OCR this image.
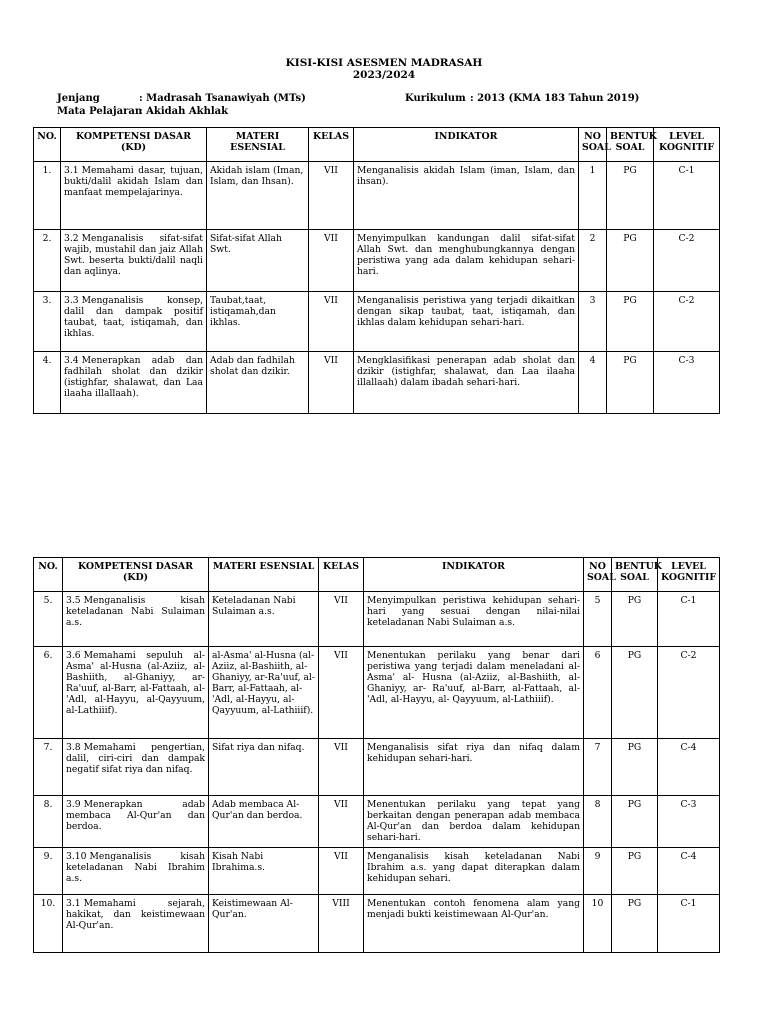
KISI-KISI ASESMEN MADRASAH
2023/2024
Jenjang	: Madrasah Tsanawiyah (MTs)
Mata Pelajaran
: Akidah Akhlak
Kurikulum : 2013 (KMA 183 Tahun 2019)
NO.	KOMPETENSI DASAR (KD)	MATERI ESENSIAL	KELAS	INDIKATOR	NO SOAL	BENTUK SOAL	LEVEL KOGNITIF
1.	3.1 Memahami dasar, tujuan, bukti/dalil akidah Islam dan manfaat mempelajarinya.	Akidah islam (Iman, Islam, dan Ihsan).	VII	Menganalisis akidah Islam (iman, Islam, dan ihsan).	1	PG	C-1
2.	3.2 Menganalisis sifat-sifat wajib, mustahil dan jaiz Allah Swt. beserta bukti/dalil naqli dan aqlinya.	Sifat-sifat Allah Swt.	VII	Menyimpulkan kandungan dalil sifat-sifat Allah Swt. dan menghubungkannya dengan peristiwa yang ada dalam kehidupan sehari-hari.	2	PG	C-2
3.	3.3 Menganalisis konsep, dalil dan dampak positif taubat, taat, istiqamah, dan ikhlas.	Taubat,taat, istiqamah,dan ikhlas.	VII	Menganalisis peristiwa yang terjadi dikaitkan dengan sikap taubat, taat, istiqamah, dan ikhlas dalam kehidupan sehari-hari.	3	PG	C-2
4.	3.4 Menerapkan adab dan fadhilah sholat dan dzikir (istighfar, shalawat, dan Laa ilaaha illallaah).	Adab dan fadhilah sholat dan dzikir.	VII	Mengklasifikasi penerapan adab sholat dan dzikir (istighfar, shalawat, dan Laa ilaaha illallaah) dalam ibadah sehari-hari.	4	PG	C-3
NO.	KOMPETENSI DASAR (KD)	MATERI ESENSIAL	KELAS	INDIKATOR	NO SOAL	BENTUK SOAL	LEVEL KOGNITIF
5.	3.5 Menganalisis kisah keteladanan Nabi Sulaiman a.s.	Keteladanan Nabi Sulaiman a.s.	VII	Menyimpulkan peristiwa kehidupan sehari-hari yang sesuai dengan nilai-nilai keteladanan Nabi Sulaiman a.s.	5	PG	C-1
6.	3.6 Memahami sepuluh al-Asma' al-Husna (al-Aziiz, al-Bashiith, al-Ghaniyy, ar-Ra'uuf, al-Barr, al-Fattaah, al-'Adl, al-Hayyu, al-Qayyuum, al-Lathiiif).	al-Asma' al-Husna (al-Aziiz, al-Bashiith, al-Ghaniyy, ar-Ra'uuf, al-Barr, al-Fattaah, al-'Adl, al-Hayyu, al-Qayyuum, al-Lathiiif).	VII	Menentukan perilaku yang benar dari peristiwa yang terjadi dalam meneladani al-Asma' al- Husna (al-Aziiz, al-Bashiith, al-Ghaniyy, ar- Ra'uuf, al-Barr, al-Fattaah, al-'Adl, al-Hayyu, al- Qayyuum, al-Lathiiif).	6	PG	C-2
7.	3.8 Memahami pengertian, dalil, ciri-ciri dan dampak negatif sifat riya dan nifaq.	Sifat riya dan nifaq.	VII	Menganalisis sifat riya dan nifaq dalam kehidupan sehari-hari.	7	PG	C-4
8.	3.9 Menerapkan adab membaca Al-Qur'an dan berdoa.	Adab membaca Al-Qur'an dan berdoa.	VII	Menentukan perilaku yang tepat yang berkaitan dengan penerapan adab membaca Al-Qur'an dan berdoa dalam kehidupan sehari-hari.	8	PG	C-3
9.	3.10 Menganalisis kisah keteladanan Nabi Ibrahim a.s.	Kisah Nabi Ibrahima.s.	VII	Menganalisis kisah keteladanan Nabi Ibrahim a.s. yang dapat diterapkan dalam kehidupan sehari.	9	PG	C-4
10.	3.1 Memahami sejarah, hakikat, dan keistimewaan Al-Qur'an.	Keistimewaan Al-Qur'an.	VIII	Menentukan contoh fenomena alam yang menjadi bukti keistimewaan Al-Qur'an.	10	PG	C-1
